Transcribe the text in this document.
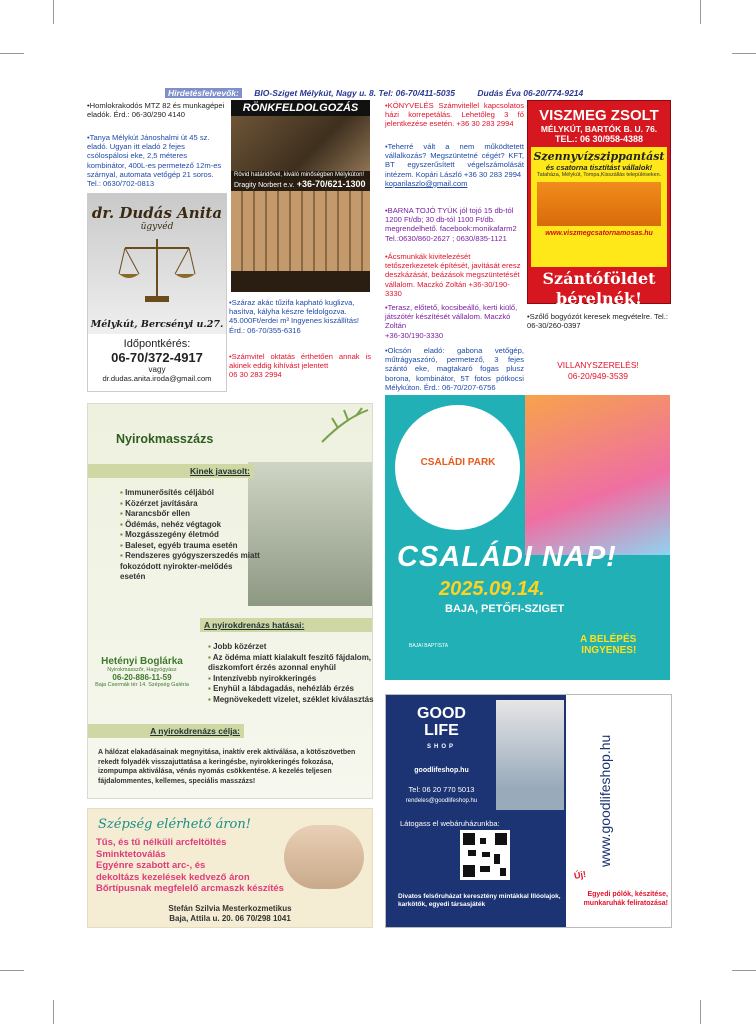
Hirdetésfelvevők: BIO-Sziget Mélykút, Nagy u. 8. Tel: 06-70/411-5035	Dudás Éva 06-20/774-9214
•Homlokrakodós MTZ 82 és munkagépei eladók. Érd.: 06-30/290 4140
•Tanya Mélykút Jánoshalmi út 45 sz. eladó. Ugyan itt eladó 2 fejes csólospálosi eke, 2,5 méteres kombinátor, 400L-es permetező 12m-es szárnyal, automata vetőgép 21 soros. Tel.: 0630/702-0813
dr. Dudás Anita
ügyvéd
Mélykút, Bercsényi u.27.
Időpontkérés:
06-70/372-4917
vagy
dr.dudas.anita.iroda@gmail.com
RÖNKFELDOLGOZÁS
Rövid határidővel, kiváló minőségben Mélykúton!
Dragity Norbert e.v. +36-70/621-1300
•Száraz akác tűzifa kapható kuglizva, hasítva, kályha készre feldolgozva. 45.000Ft/erdei m³ Ingyenes kiszállítás! Érd.: 06-70/355-6316
•Számvitel oktatás érthetően annak is akinek eddig kihívást jelentett
06 30 283 2994
•KÖNYVELÉS Számvitellel kapcsolatos házi korrepetálás. Lehetőleg 3 fő jelentkezése esetén. +36 30 283 2994
•Teherré vált a nem működtetett vállalkozás? Megszüntetné cégét? KFT, BT egyszerűsített végelszámolását intézem. Kopári László +36 30 283 2994
koparilaszlo@gmail.com
•BARNA TOJÓ TYÚK jól tojó 15 db-tól 1200 Ft/db; 30 db-tól 1100 Ft/db. megrendelhető. facebook:monikafarm2 Tel.:0630/860-2627 ; 0630/835-1121
•Ácsmunkák kivitelezését tetőszerkezetek építését, javítását eresz deszkázását, beázások megszüntetését vállalom. Maczkó Zoltán +36-30/190-3330
•Terasz, előtető, kocsibeálló, kerti kiülő, játszótér készítését vállalom. Maczkó Zoltán
+36-30/190-3330
•Olcsón eladó: gabona vetőgép, műtrágyaszóró, permetező, 3 fejes szántó eke, magtakaró fogas plusz borona, kombinátor, 5T fotos pótkocsi Mélykúton. Érd.: 06-70/207-6756
•Szőlő bogyózót keresek megvételre. Tel.: 06-30/260-0397
VILLANYSZERELÉS!
06-20/949-3539
VISZMEG ZSOLT
MÉLYKÚT, BARTÓK B. U. 76.
TEL.: 06 30/958-4388
Szennyvízszippantást
és csatorna tisztítást vállalok!
Tataháza, Mélykút, Tompa,Kisszállás településeken.
www.viszmegcsatornamosas.hu
Szántóföldet
bérelnék!
Nyirokmasszázs
Kinek javasolt:
▪ Immunerősítés céljából
▪ Közérzet javítására
▪ Narancsbőr ellen
▪ Ödémás, nehéz végtagok
▪ Mozgásszegény életmód
▪ Baleset, egyéb trauma esetén
▪ Rendszeres gyógyszerszedés miatt fokozódott nyirokter-melődés esetén
A nyirokdrenázs hatásai:
▪ Jobb közérzet
▪ Az ödéma miatt kialakult feszítő fájdalom, diszkomfort érzés azonnal enyhül
▪ Intenzívebb nyirokkeringés
▪ Enyhül a lábdagadás, nehézláb érzés
▪ Megnövekedett vizelet, széklet kiválasztás
Hetényi Boglárka
Nyirokmasszőr, Hagyógyász
06-20-886-11-59
Baja Csermák tér 14. Szépség Galéria
A nyirokdrenázs célja:
A hálózat elakadásainak megnyitása, inaktív erek aktiválása, a kötőszövetben rekedt folyadék visszajuttatása a keringésbe, nyirokkeringés fokozása, izompumpa aktiválása, vénás nyomás csökkentése. A kezelés teljesen fájdalommentes, kellemes, speciális masszázs!
Szépség elérhető áron!
Tűs, és tű nélküli arcfeltöltés
Sminktetoválás
Egyénre szabott arc-, és
dekoltázs kezelések kedvező áron
Bőrtípusnak megfelelő arcmaszk készítés
Stefán Szilvia Mesterkozmetikus
Baja, Attila u. 20. 06 70/298 1041
CSALÁDI PARK
CSALÁDI NAP!
2025.09.14.
BAJA, PETŐFI-SZIGET
BAJAI BAPTISTA
A BELÉPÉS
INGYENES!
GOOD
LIFE
SHOP
goodlifeshop.hu
Tel: 06 20 770 5013
rendeles@goodlifeshop.hu
Látogass el webáruházunkba:
Divatos felsőruházat keresztény mintákkal Illóolajok, karkötők, egyedi társasjáték
www.goodlifeshop.hu
Új!
Egyedi pólók, készítése, munkaruhák feliratozása!
